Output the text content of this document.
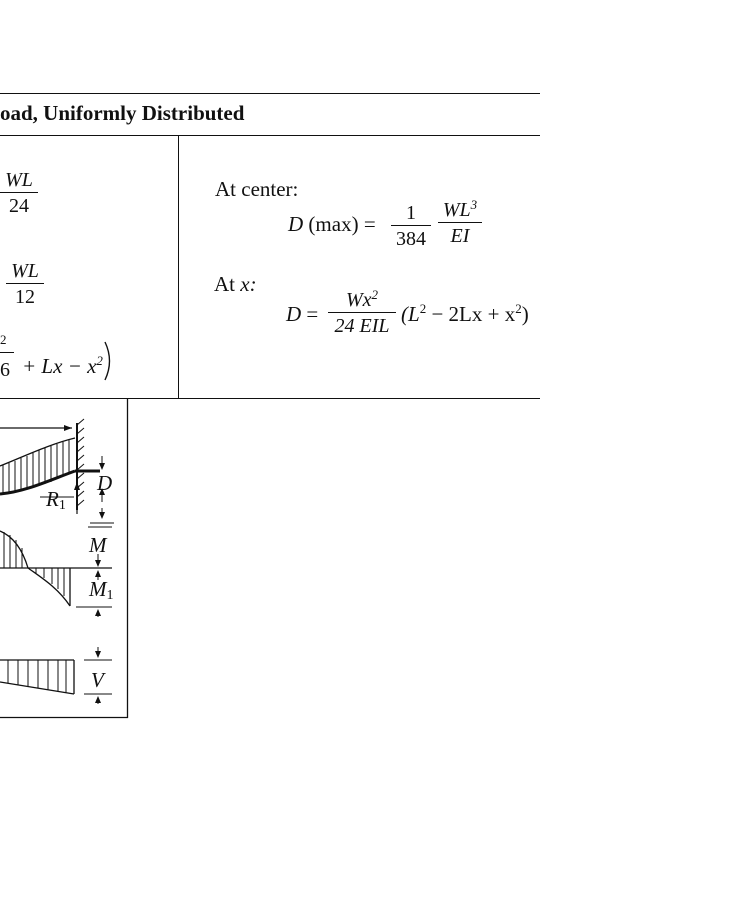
oad, Uniformly Distributed
$\frac{WL}{24}$
$\frac{WL}{12}$
2
$6 + Lx - x^2$
At center:
D $(\max) = \frac{1}{384} \frac{WL^3}{EI}$
At x:
D =
$Wx^2$
24 EIL $(L^2 - 2Lx + x^2)$
D
$R_1$
M
$M_1$
V
